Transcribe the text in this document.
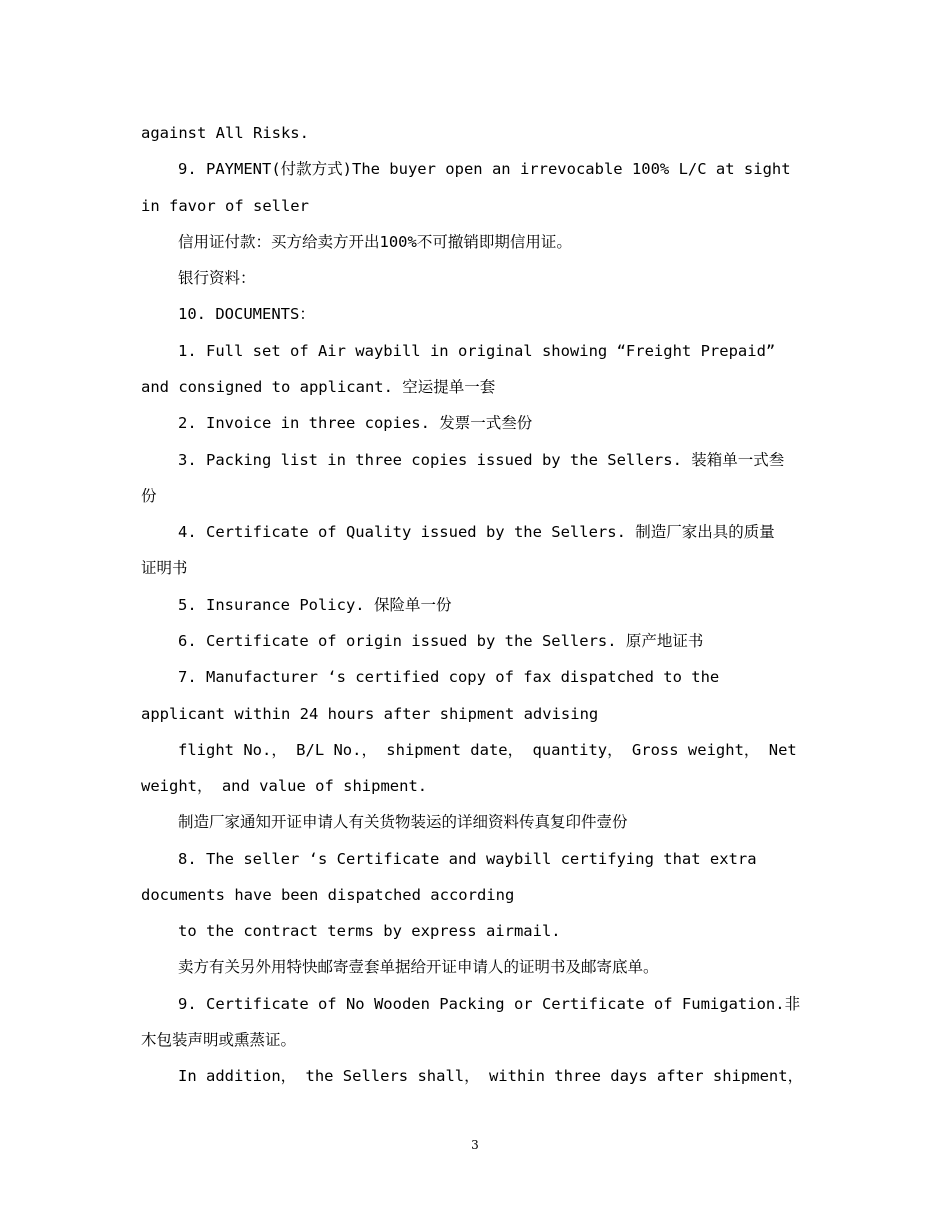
against All Risks.
9. PAYMENT(付款方式)The buyer open an irrevocable 100% L/C at sight
in favor of seller
信用证付款：买方给卖方开出100%不可撤销即期信用证。
银行资料：
10. DOCUMENTS：
1. Full set of Air waybill in original showing “Freight Prepaid”
and consigned to applicant. 空运提单一套
2. Invoice in three copies. 发票一式叁份
3. Packing list in three copies issued by the Sellers. 装箱单一式叁
份
4. Certificate of Quality issued by the Sellers. 制造厂家出具的质量
证明书
5. Insurance Policy. 保险单一份
6. Certificate of origin issued by the Sellers. 原产地证书
7. Manufacturer ‘s certified copy of fax dispatched to the
applicant within 24 hours after shipment advising
flight No.， B/L No.， shipment date， quantity， Gross weight， Net
weight， and value of shipment.
制造厂家通知开证申请人有关货物装运的详细资料传真复印件壹份
8. The seller ‘s Certificate and waybill certifying that extra
documents have been dispatched according
to the contract terms by express airmail.
卖方有关另外用特快邮寄壹套单据给开证申请人的证明书及邮寄底单。
9. Certificate of No Wooden Packing or Certificate of Fumigation.非
木包装声明或熏蒸证。
In addition， the Sellers shall， within three days after shipment，
3
